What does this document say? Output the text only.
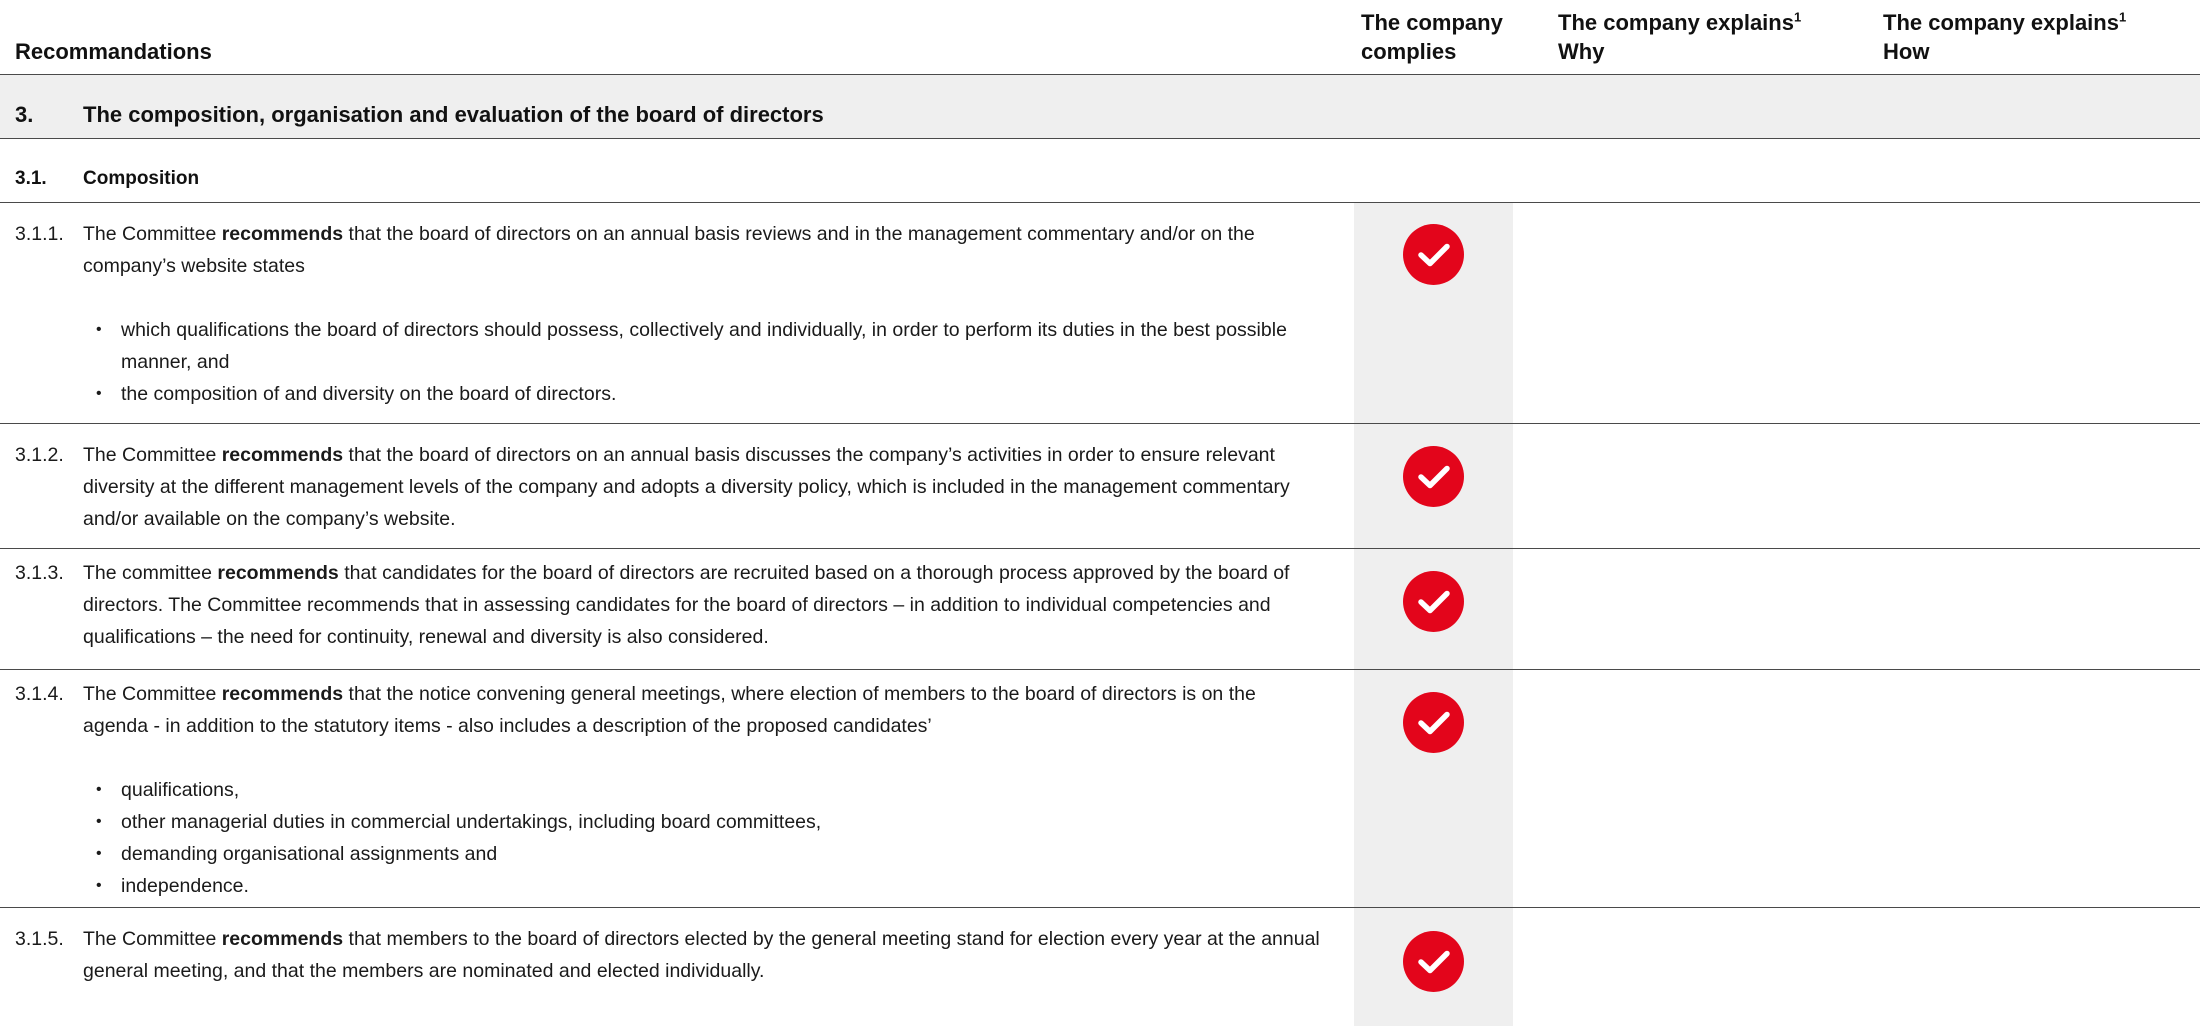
Recommandations
The company
complies
The company explains$^1$
Why
The company explains$^1$
How
3. The composition, organisation and evaluation of the board of directors
3.1. Composition
3.1.1. The Committee recommends that the board of directors on an annual basis reviews and in the management commentary and/or on the company’s website states
• which qualifications the board of directors should possess, collectively and individually, in order to perform its duties in the best possible manner, and
• the composition of and diversity on the board of directors.
3.1.2. The Committee recommends that the board of directors on an annual basis discusses the company’s activities in order to ensure relevant diversity at the different management levels of the company and adopts a diversity policy, which is included in the management commentary and/or available on the company’s website.
3.1.3. The committee recommends that candidates for the board of directors are recruited based on a thorough process approved by the board of directors. The Committee recommends that in assessing candidates for the board of directors – in addition to individual competencies and qualifications – the need for continuity, renewal and diversity is also considered.
3.1.4. The Committee recommends that the notice convening general meetings, where election of members to the board of directors is on the agenda - in addition to the statutory items - also includes a description of the proposed candidates’
• qualifications,
• other managerial duties in commercial undertakings, including board committees,
• demanding organisational assignments and
• independence.
3.1.5. The Committee recommends that members to the board of directors elected by the general meeting stand for election every year at the annual general meeting, and that the members are nominated and elected individually.
